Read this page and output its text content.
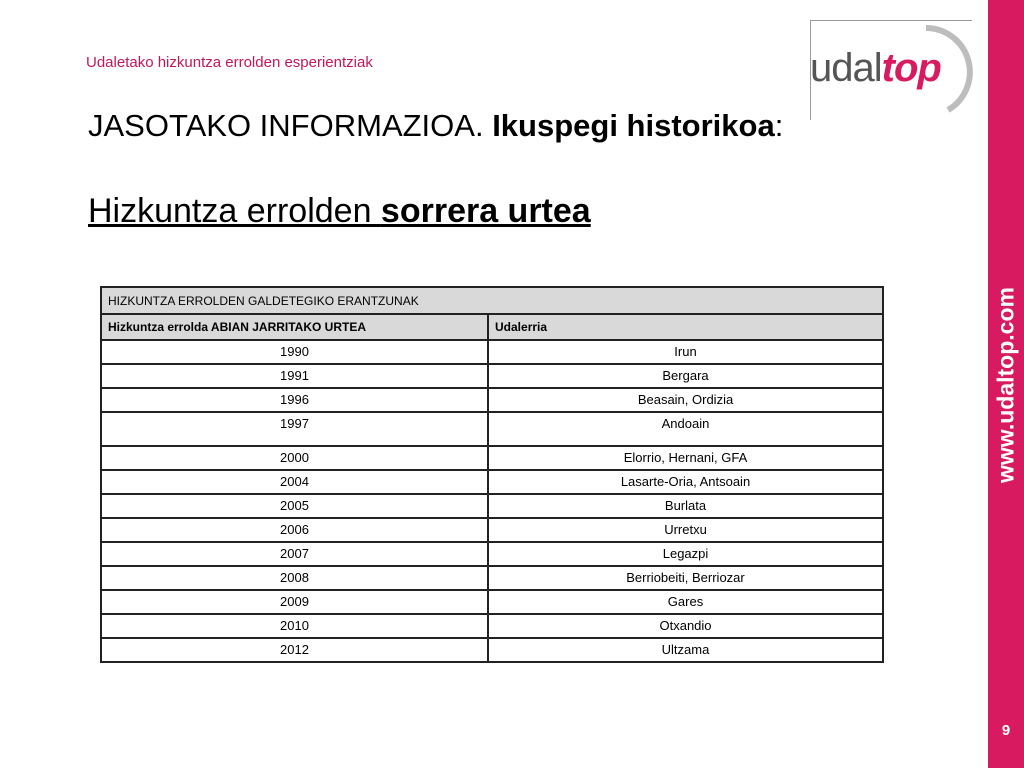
Udaletako hizkuntza errolden esperientziak	udaltop
JASOTAKO INFORMAZIOA. Ikuspegi historikoa:
Hizkuntza errolden sorrera urtea
HIZKUNTZA ERROLDEN GALDETEGIKO ERANTZUNAK	
Hizkuntza errolda ABIAN JARRITAKO URTEA	Udalerria
1990	Irun
1991	Bergara
1996	Beasain, Ordizia
1997	Andoain
2000	Elorrio, Hernani, GFA
2004	Lasarte-Oria, Antsoain
2005	Burlata
2006	Urretxu
2007	Legazpi
2008	Berriobeiti, Berriozar
2009	Gares
2010	Otxandio
2012	Ultzama
www.udaltop.com
9
